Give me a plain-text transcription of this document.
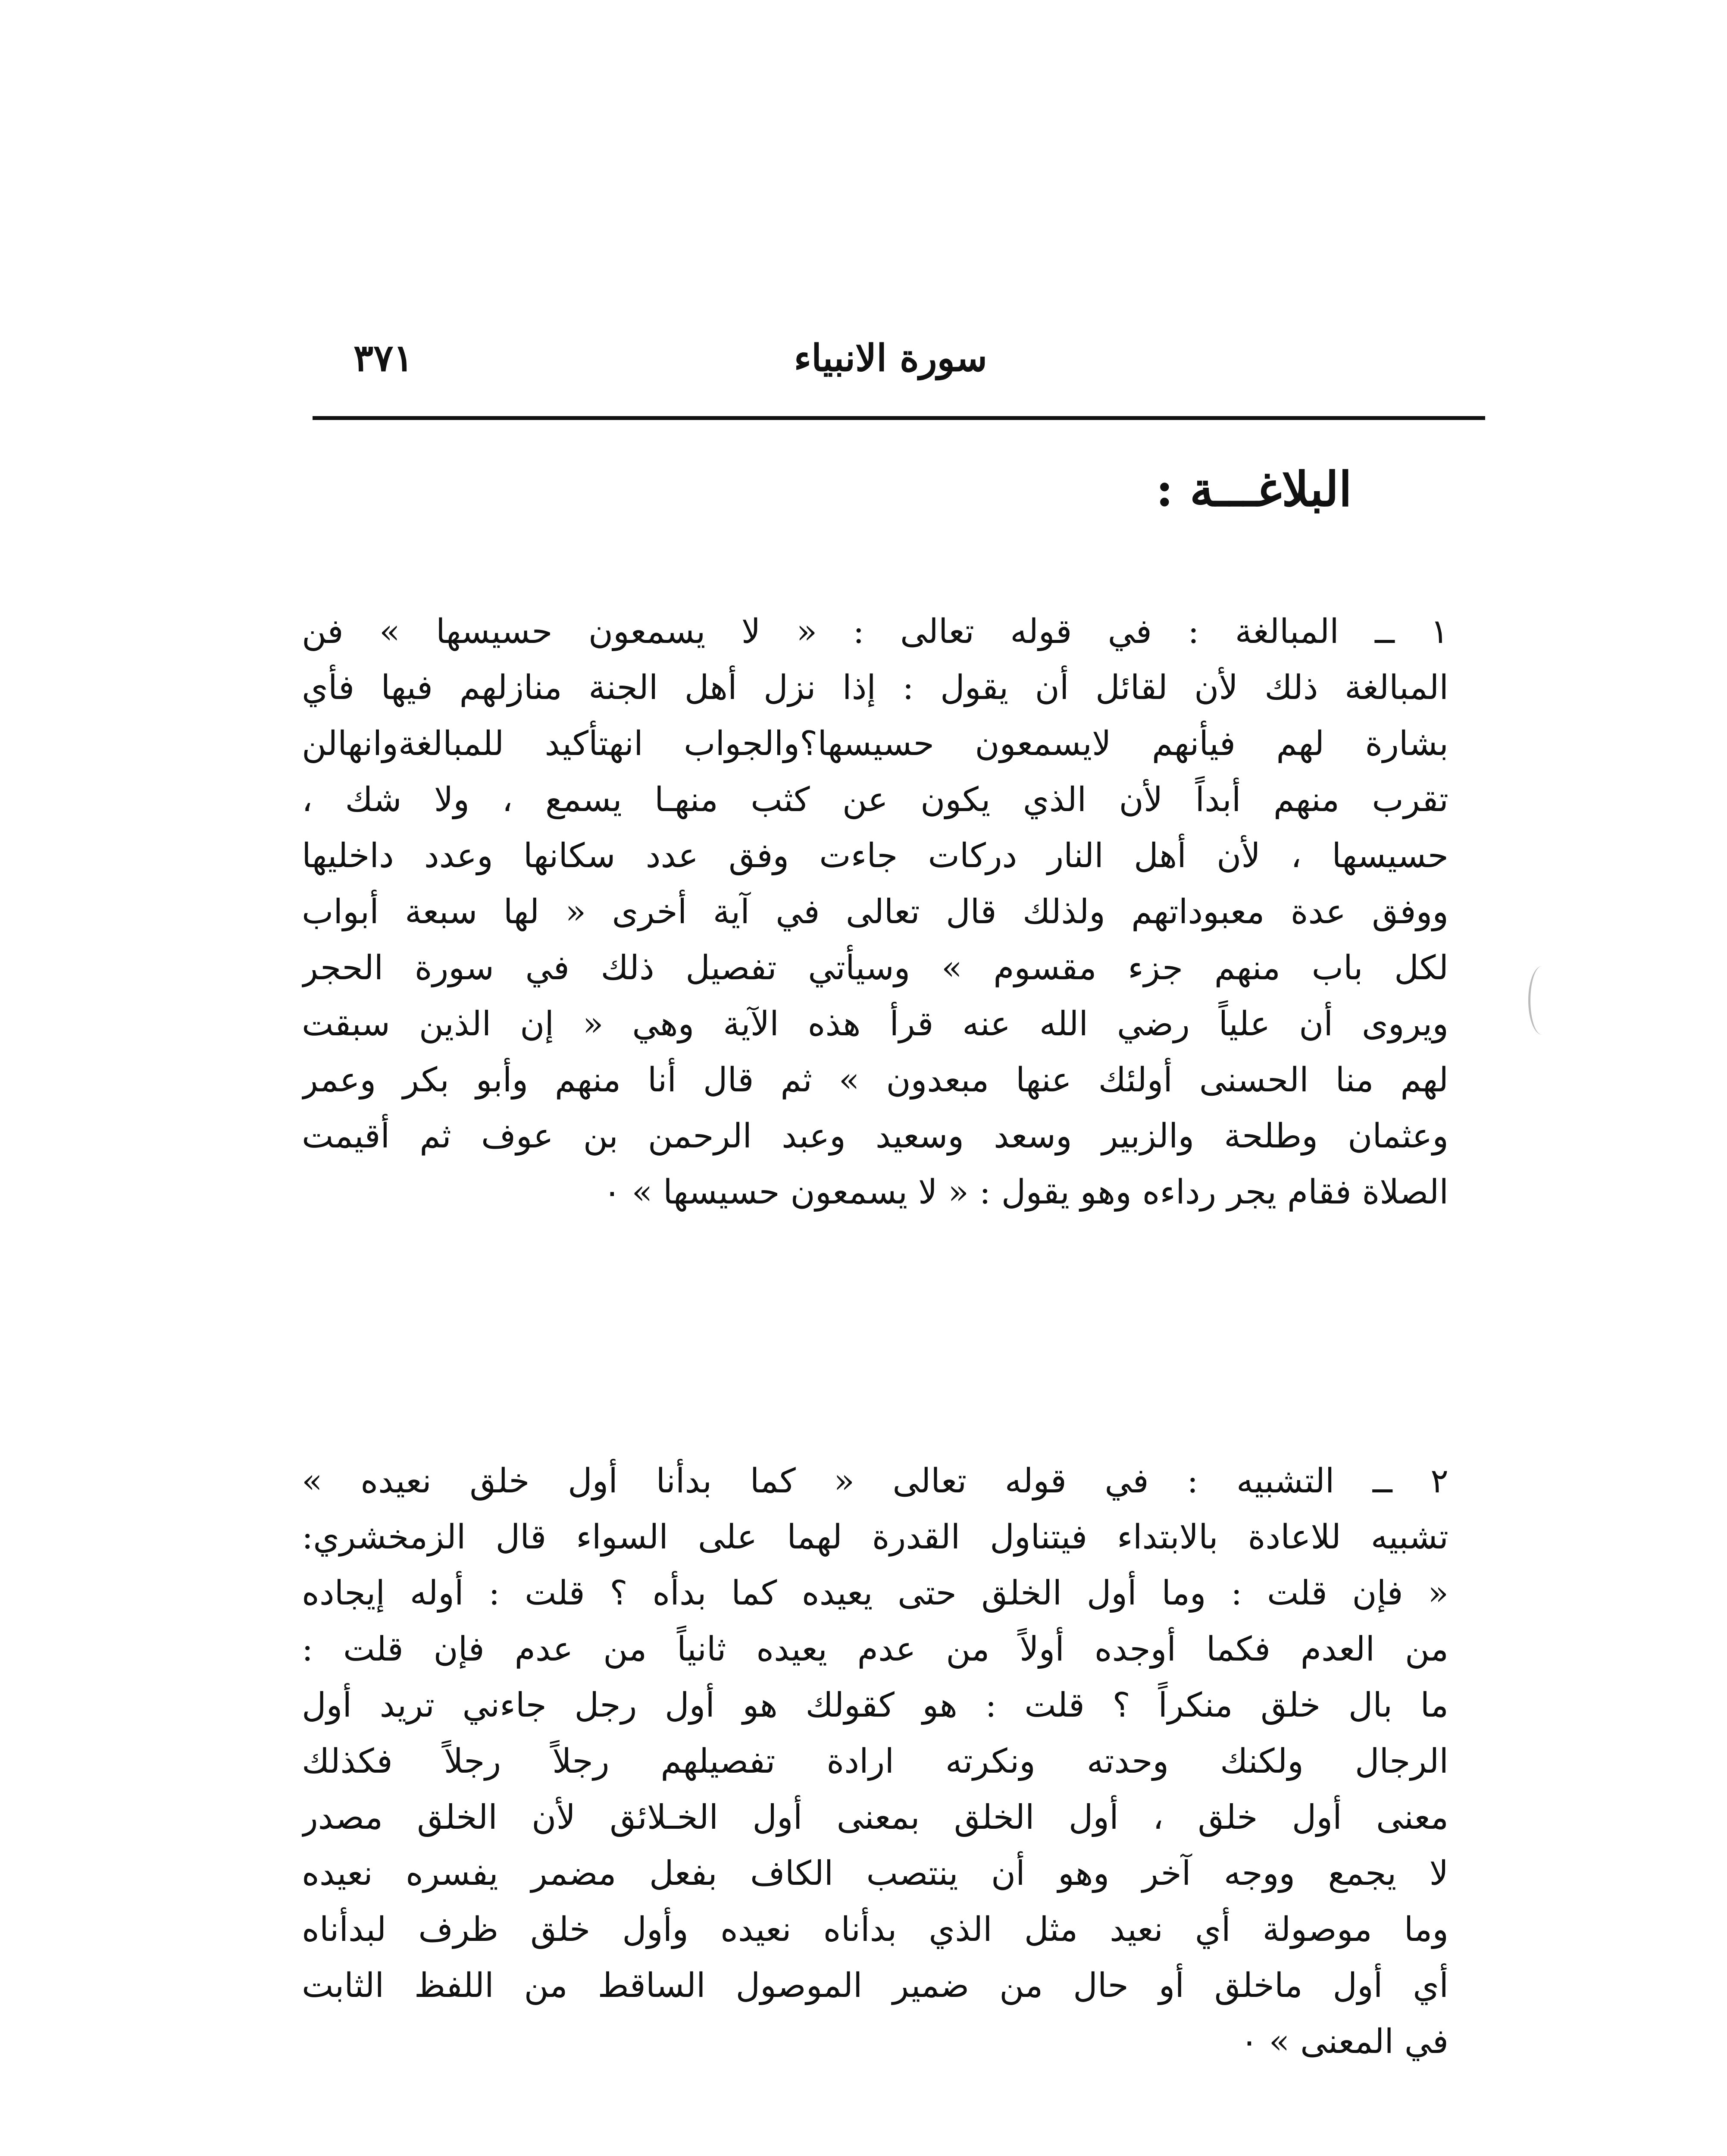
سورة الانبياء
٣٧١
البلاغـــة :
١ ــ المبالغة : في قوله تعالى : « لا يسمعون حسيسها » فن
المبالغة ذلك لأن لقائل أن يقول : إذا نزل أهل الجنة منازلهم فيها فأي
بشارة لهم فيأنهم لايسمعون حسيسها؟والجواب انهتأكيد للمبالغةوانهالن
تقرب منهم أبداً لأن الذي يكون عن كثب منهـا يسمع ، ولا شك ،
حسيسها ، لأن أهل النار دركات جاءت وفق عدد سكانها وعدد داخليها
ووفق عدة معبوداتهم ولذلك قال تعالى في آية أخرى « لها سبعة أبواب
لكل باب منهم جزء مقسوم » وسيأتي تفصيل ذلك في سورة الحجر
ويروى أن علياً رضي الله عنه قرأ هذه الآية وهي « إن الذين سبقت
لهم منا الحسنى أولئك عنها مبعدون » ثم قال أنا منهم وأبو بكر وعمر
وعثمان وطلحة والزبير وسعد وسعيد وعبد الرحمن بن عوف ثم أقيمت
الصلاة فقام يجر رداءه وهو يقول : « لا يسمعون حسيسها » ٠
٢ ــ التشبيه : في قوله تعالى « كما بدأنا أول خلق نعيده »
تشبيه للاعادة بالابتداء فيتناول القدرة لهما على السواء قال الزمخشري:
« فإن قلت : وما أول الخلق حتى يعيده كما بدأه ؟ قلت : أوله إيجاده
من العدم فكما أوجده أولاً من عدم يعيده ثانياً من عدم فإن قلت :
ما بال خلق منكراً ؟ قلت : هو كقولك هو أول رجل جاءني تريد أول
الرجال ولكنك وحدته ونكرته ارادة تفصيلهم رجلاً رجلاً فكذلك
معنى أول خلق ، أول الخلق بمعنى أول الخـلائق لأن الخلق مصدر
لا يجمع ووجه آخر وهو أن ينتصب الكاف بفعل مضمر يفسره نعيده
وما موصولة أي نعيد مثل الذي بدأناه نعيده وأول خلق ظرف لبدأناه
أي أول ماخلق أو حال من ضمير الموصول الساقط من اللفظ الثابت
في المعنى » ٠
